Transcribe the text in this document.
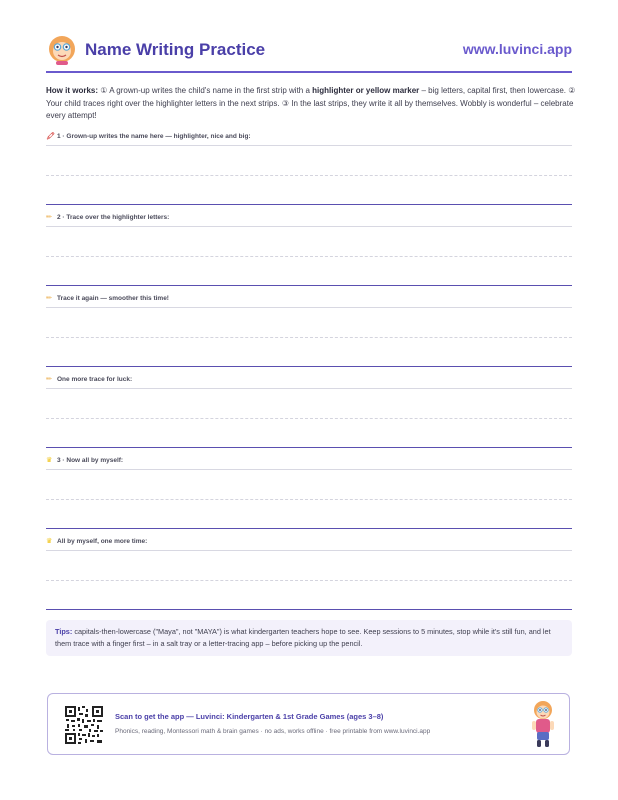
Name Writing Practice	www.luvinci.app
How it works: ① A grown-up writes the child's name in the first strip with a highlighter or yellow marker – big letters, capital first, then lowercase. ② Your child traces right over the highlighter letters in the next strips. ③ In the last strips, they write it all by themselves. Wobbly is wonderful – celebrate every attempt!
🖍 1 · Grown-up writes the name here — highlighter, nice and big:
✏ 2 · Trace over the highlighter letters:
✏ Trace it again — smoother this time!
✏ One more trace for luck:
♛ 3 · Now all by myself:
♛ All by myself, one more time:
Tips: capitals-then-lowercase ("Maya", not "MAYA") is what kindergarten teachers hope to see. Keep sessions to 5 minutes, stop while it's still fun, and let them trace with a finger first – in a salt tray or a letter-tracing app – before picking up the pencil.
Scan to get the app — Luvinci: Kindergarten & 1st Grade Games (ages 3–8)
Phonics, reading, Montessori math & brain games · no ads, works offline · free printable from www.luvinci.app
